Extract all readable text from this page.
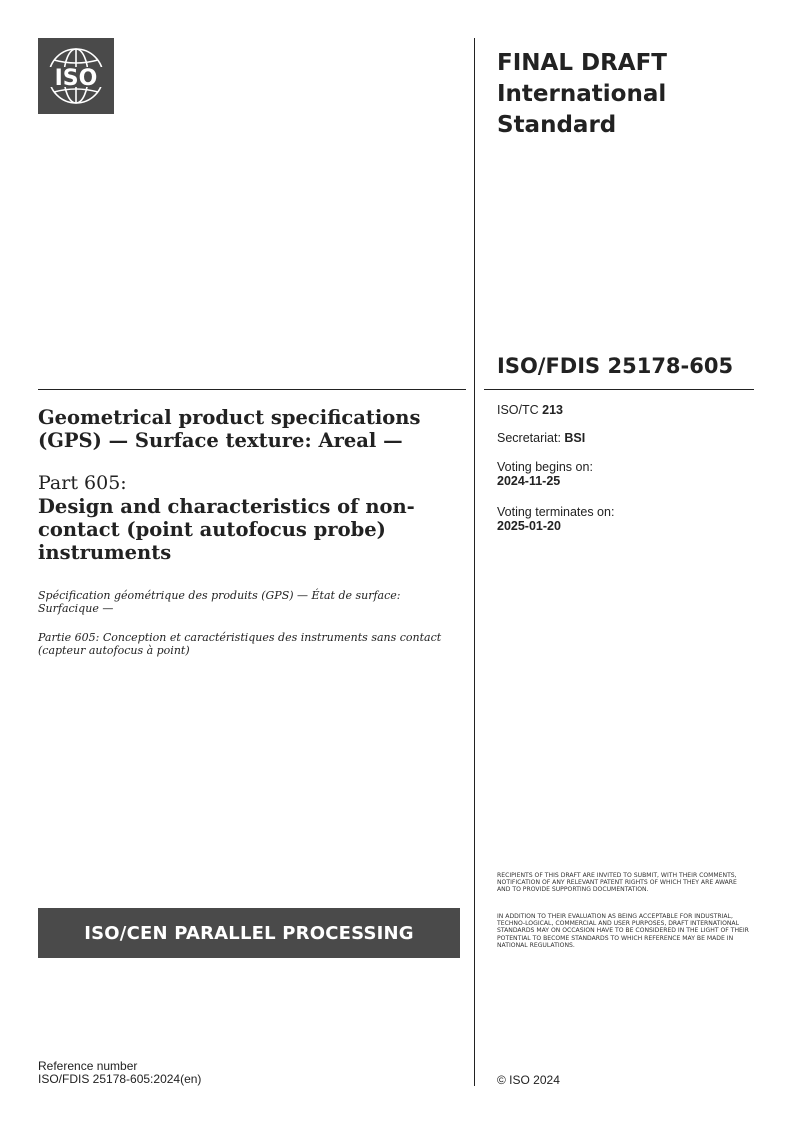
ISO
FINAL DRAFT
International
Standard
ISO/FDIS 25178-605
ISO/TC 213
Secretariat: BSI
Voting begins on:
2024-11-25
Voting terminates on:
2025-01-20
Geometrical product specifications (GPS) — Surface texture: Areal —
Part 605:
Design and characteristics of non-contact (point autofocus probe) instruments
Spécification géométrique des produits (GPS) — État de surface: Surfacique —
Partie 605: Conception et caractéristiques des instruments sans contact (capteur autofocus à point)
ISO/CEN PARALLEL PROCESSING
RECIPIENTS OF THIS DRAFT ARE INVITED TO SUBMIT, WITH THEIR COMMENTS, NOTIFICATION OF ANY RELEVANT PATENT RIGHTS OF WHICH THEY ARE AWARE AND TO PROVIDE SUPPORTING DOCUMENTATION.
IN ADDITION TO THEIR EVALUATION AS BEING ACCEPTABLE FOR INDUSTRIAL, TECHNO-LOGICAL, COMMERCIAL AND USER PURPOSES, DRAFT INTERNATIONAL STANDARDS MAY ON OCCASION HAVE TO BE CONSIDERED IN THE LIGHT OF THEIR POTENTIAL TO BECOME STANDARDS TO WHICH REFERENCE MAY BE MADE IN NATIONAL REGULATIONS.
Reference number
ISO/FDIS 25178-605:2024(en)	© ISO 2024
